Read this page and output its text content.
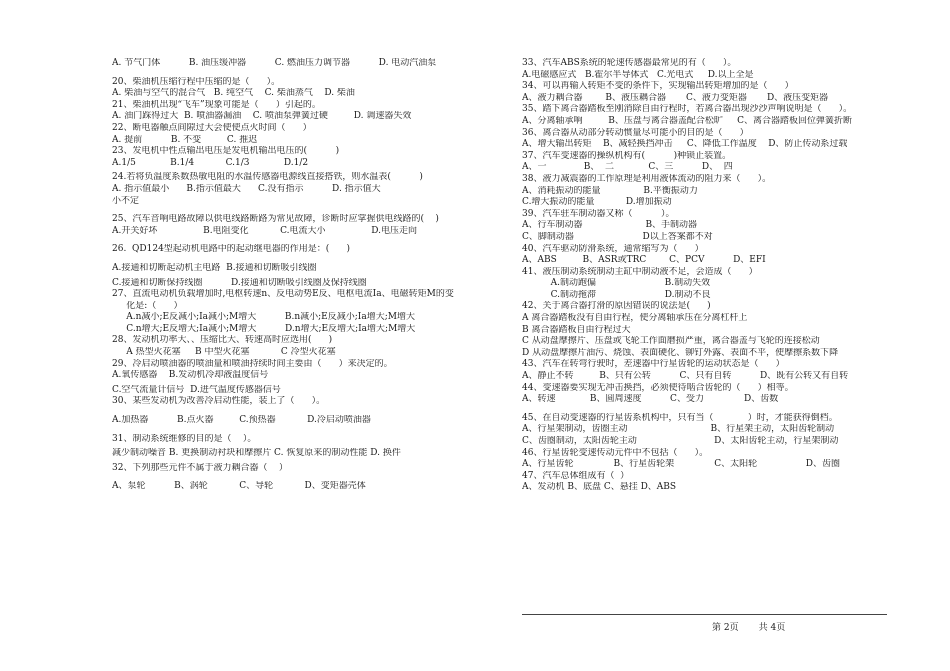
A. 节气门体          B. 油压缓冲器          C. 燃油压力调节器          D. 电动汽油泵
20、柴油机压缩行程中压缩的是（      ）。
A. 柴油与空气的混合气   B. 纯空气    C. 柴油蒸气    D. 柴油
21、柴油机出现“飞车”现象可能是（      ）引起的。
A. 油门踩得过大  B. 喷油器漏油    C. 喷油泵弹簧过硬         D. 调速器失效
22、断电器触点间隙过大会使使点火时间（      ）
A. 提前          B. 不变         C. 推迟
23、发电机中性点输出电压是发电机输出电压的(          )
A.1/5            B.1/4           C.1/3            D.1/2
24.若将负温度系数热敏电阻的水温传感器电源线直接搭铁，则水温表(          )
A. 指示值最小      B.指示值最大      C.没有指示          D. 指示值大
小不定
25、汽车音响电路故障以供电线路断路为常见故障，诊断时应掌握供电线路的(    )
A.开关好坏                B.电阻变化           C.电流大小                D.电压走向
26.  QD124型起动机电路中的起动继电器的作用是：(      )
A.接通和切断起动机主电路  B.接通和切断吸引线圈
C.接通和切断保持线圈          D.接通和切断吸引线圈及保持线圈
27、直流电动机负载增加时,电枢转速n、反电动势E反、电枢电流Ia、电磁转矩M的变
化是:（      ）
A.n减小;E反减小;Ia减小;M增大          B.n减小;E反减小;Ia增大;M增大
C.n增大;E反增大;Ia减小;M增大          D.n增大;E反增大;Ia增大;M增大
28、发动机功率大、、压缩比大、转速高时应选用(      )
A 热型火花塞     B 中型火花塞           C 冷型火花塞
29、冷启动喷油器的喷油量和喷油持续时间主要由（      ）来决定的。
A.氧传感器    B.发动机冷却液温度信号
C.空气流量计信号  D.进气温度传感器信号
30、某些发动机为改善冷启动性能，装上了（      ）。
A.加热器          B.点火器         C.预热器           D.冷启动喷油器
31、制动系统维修的目的是（    ）。
减少制动噪音 B. 更换制动衬块和摩擦片 C. 恢复原来的制动性能 D. 换件
32、下列那些元件不属于液力耦合器（    ）
A、泵轮          B、涡轮           C、导轮           D、变矩器壳体
33、汽车ABS系统的轮速传感器最常见的有（      ）。
A.电磁感应式   B.霍尔半导体式   C.光电式     D.以上全是
34、可以再输入转矩不变的条件下，实现输出转矩增加的是（      ）
A、液力耦合器        B、液压耦合器       C、液力变矩器       D、液压变矩器
35、踏下离合器踏板至刚消除自由行程时，若离合器出现沙沙声响说明是（      ）。
A、分离轴承响         B、压盘与离合器盖配合松旷     C、离合器踏板回位弹簧折断
36、离合器从动部分转动惯量尽可能小的目的是（      ）
A、增大输出转矩    B、减轻换挡冲击     C、降低工作温度    D、防止传动系过载
37、汽车变速器的操纵机构有(          )种锁止装置。
A、一             B、  二            C、三          D、  四
38、液力减震器的工作原理是利用液体流动的阻力来（      ）。
A、消耗振动的能量               B.平衡振动力
C.增大振动的能量           D.增加振动
39、汽车驻车制动器又称（          ）。
A、行车制动器                      B、手制动器
C、脚制动器                        D以上答案都不对
40、汽车驱动防滑系统，通常缩写为（      ）
A、ABS         B、ASR或TRC        C、PCV          D、EFI
41、液压制动系统制动主缸中制动液不足，会造成（      ）
A.制动跑偏                        B.制动失效
C.制动拖滞                        D.制动不良
42、关于离合器打滑的原因错误的说法是(      )
A 离合器踏板没有自由行程，使分离轴承压在分离杠杆上
B 离合器踏板自由行程过大
C 从动盘摩擦片、压盘或飞轮工作面磨损严重，离合器盖与飞轮的连接松动
D 从动盘摩擦片油污、烧蚀、表面硬化、铆钉外露、表面不平，使摩擦系数下降
43、汽车在转弯行驶时，差速器中行星齿轮的运动状态是（      ）
A、静止不转         B、只有公转          C、只有自转          D、既有公转又有自转
44、变速器要实现无冲击换挡，必须使待啮合齿轮的（      ）相等。
A、转速            B、圆周速度          C、受力              D、齿数
45、在自动变速器的行星齿系机构中，只有当（            ）时，才能获得倒档。
A、行星架制动，齿圈主动                             B、行星架主动，太阳齿轮制动
C、齿圈制动，太阳齿轮主动                           D、太阳齿轮主动，行星架制动
46、行星齿轮变速传动元件中不包括（      ）。
A、行星齿轮              B、行星齿轮架              C、太阳轮                 D、齿圈
47、汽车总体组成有（  ）
A、发动机 B、底盘 C、悬挂 D、ABS
第 2页       共 4页
